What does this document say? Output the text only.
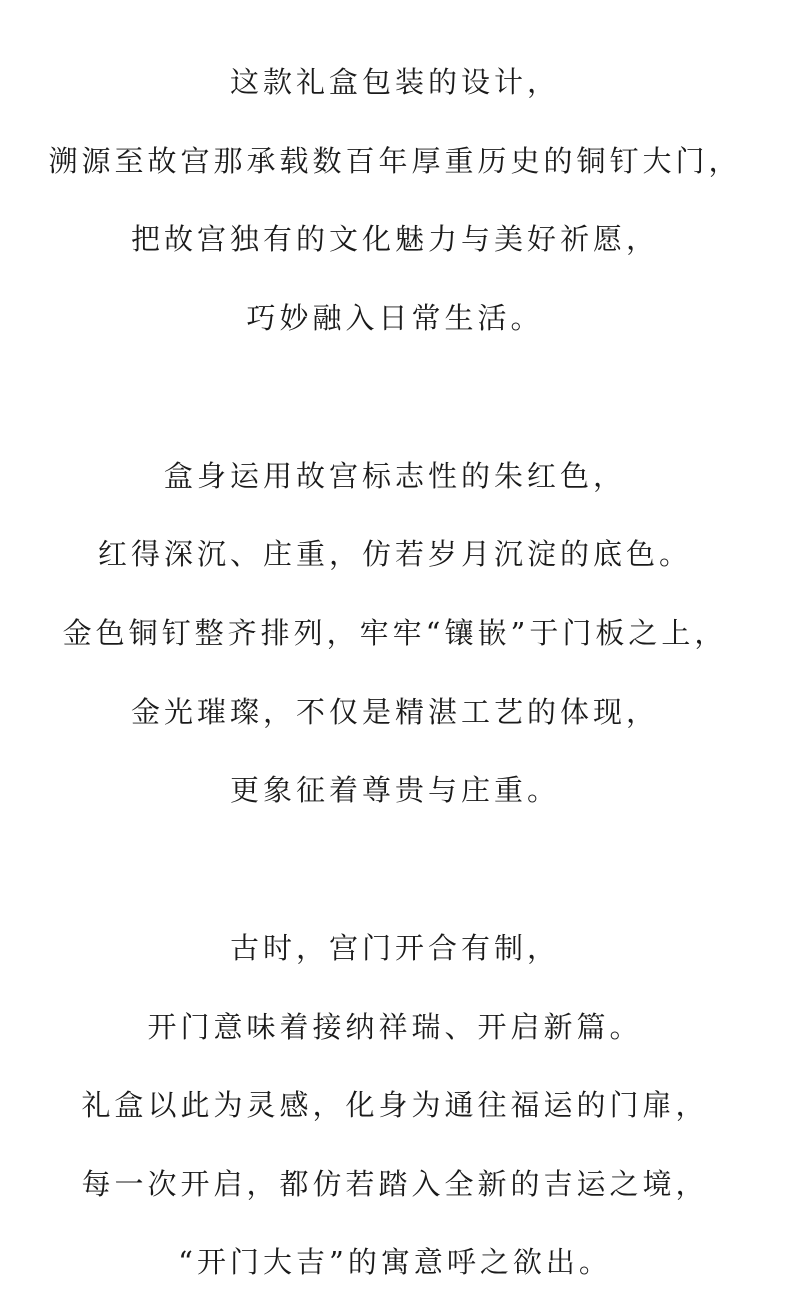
这款礼盒包装的设计，
溯源至故宫那承载数百年厚重历史的铜钉大门，
把故宫独有的文化魅力与美好祈愿，
巧妙融入日常生活。
盒身运用故宫标志性的朱红色，
红得深沉、庄重，仿若岁月沉淀的底色。
金色铜钉整齐排列，牢牢“镶嵌”于门板之上，
金光璀璨，不仅是精湛工艺的体现，
更象征着尊贵与庄重。
古时，宫门开合有制，
开门意味着接纳祥瑞、开启新篇。
礼盒以此为灵感，化身为通往福运的门扉，
每一次开启，都仿若踏入全新的吉运之境，
“开门大吉”的寓意呼之欲出。
